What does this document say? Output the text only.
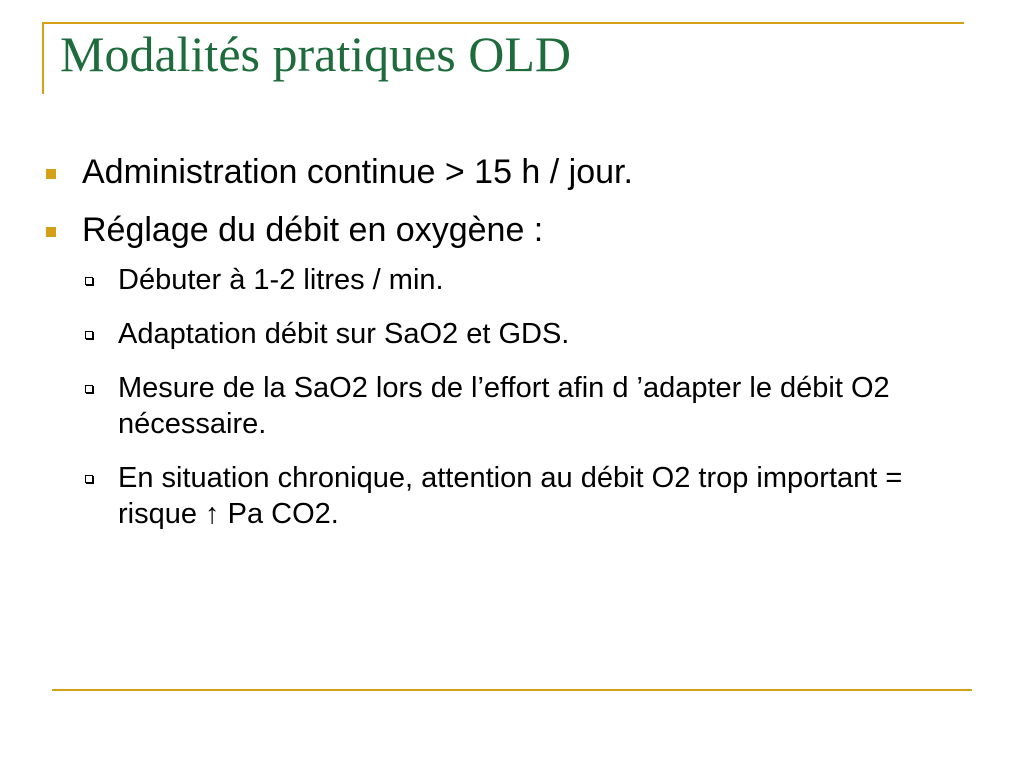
Modalités pratiques OLD
Administration continue > 15 h / jour.
Réglage du débit en oxygène :
Débuter à 1-2 litres / min.
Adaptation débit sur SaO2 et GDS.
Mesure de la SaO2 lors de l’effort afin d ’adapter le débit O2 nécessaire.
En situation chronique, attention au débit O2 trop important = risque ↑ Pa CO2.
